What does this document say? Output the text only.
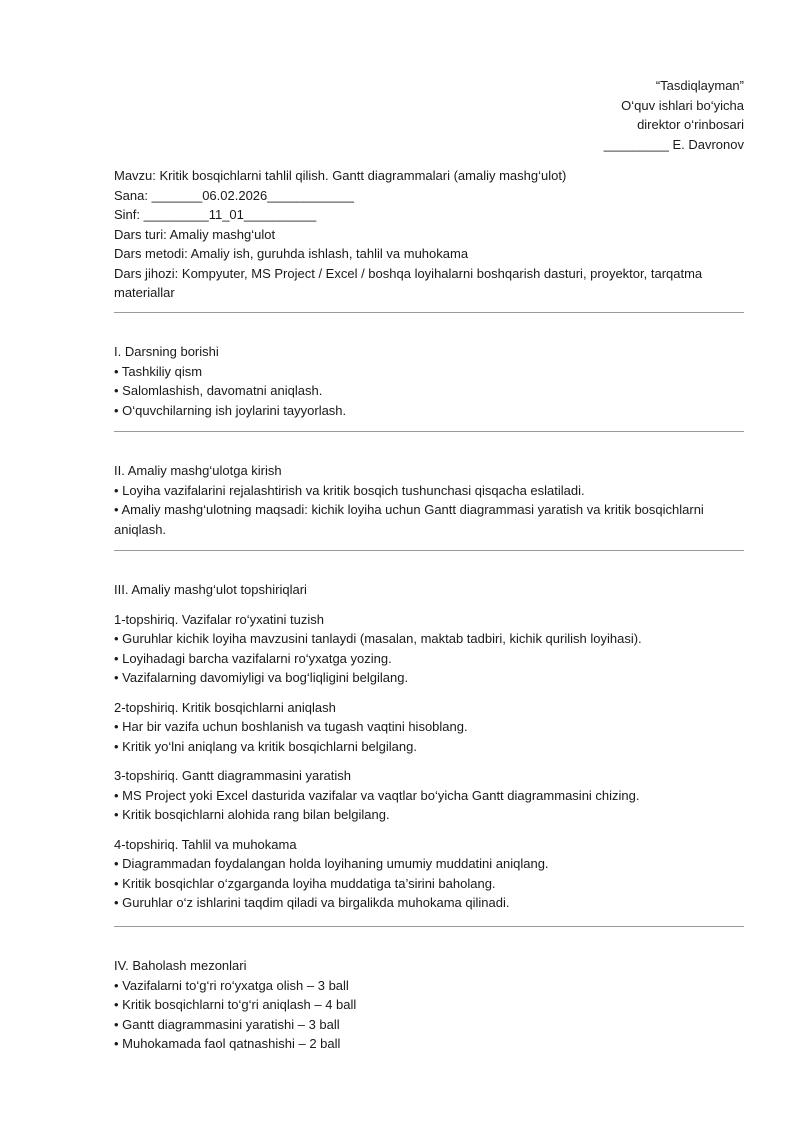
“Tasdiqlayman”
O‘quv ishlari bo‘yicha
direktor o‘rinbosari
_________ E. Davronov
Mavzu: Kritik bosqichlarni tahlil qilish. Gantt diagrammalari (amaliy mashg‘ulot)
Sana: _______06.02.2026____________
Sinf: _________11_01__________
Dars turi: Amaliy mashg‘ulot
Dars metodi: Amaliy ish, guruhda ishlash, tahlil va muhokama
Dars jihozi: Kompyuter, MS Project / Excel / boshqa loyihalarni boshqarish dasturi, proyektor, tarqatma materiallar
I. Darsning borishi
• Tashkiliy qism
• Salomlashish, davomatni aniqlash.
• O‘quvchilarning ish joylarini tayyorlash.
II. Amaliy mashg‘ulotga kirish
• Loyiha vazifalarini rejalashtirish va kritik bosqich tushunchasi qisqacha eslatiladi.
• Amaliy mashg‘ulotning maqsadi: kichik loyiha uchun Gantt diagrammasi yaratish va kritik bosqichlarni aniqlash.
III. Amaliy mashg‘ulot topshiriqlari
1-topshiriq. Vazifalar ro‘yxatini tuzish
• Guruhlar kichik loyiha mavzusini tanlaydi (masalan, maktab tadbiri, kichik qurilish loyihasi).
• Loyihadagi barcha vazifalarni ro‘yxatga yozing.
• Vazifalarning davomiyligi va bog‘liqligini belgilang.
2-topshiriq. Kritik bosqichlarni aniqlash
• Har bir vazifa uchun boshlanish va tugash vaqtini hisoblang.
• Kritik yo‘lni aniqlang va kritik bosqichlarni belgilang.
3-topshiriq. Gantt diagrammasini yaratish
• MS Project yoki Excel dasturida vazifalar va vaqtlar bo‘yicha Gantt diagrammasini chizing.
• Kritik bosqichlarni alohida rang bilan belgilang.
4-topshiriq. Tahlil va muhokama
• Diagrammadan foydalangan holda loyihaning umumiy muddatini aniqlang.
• Kritik bosqichlar o‘zgarganda loyiha muddatiga ta’sirini baholang.
• Guruhlar o‘z ishlarini taqdim qiladi va birgalikda muhokama qilinadi.
IV. Baholash mezonlari
• Vazifalarni to‘g‘ri ro‘yxatga olish – 3 ball
• Kritik bosqichlarni to‘g‘ri aniqlash – 4 ball
• Gantt diagrammasini yaratishi – 3 ball
• Muhokamada faol qatnashishi – 2 ball
